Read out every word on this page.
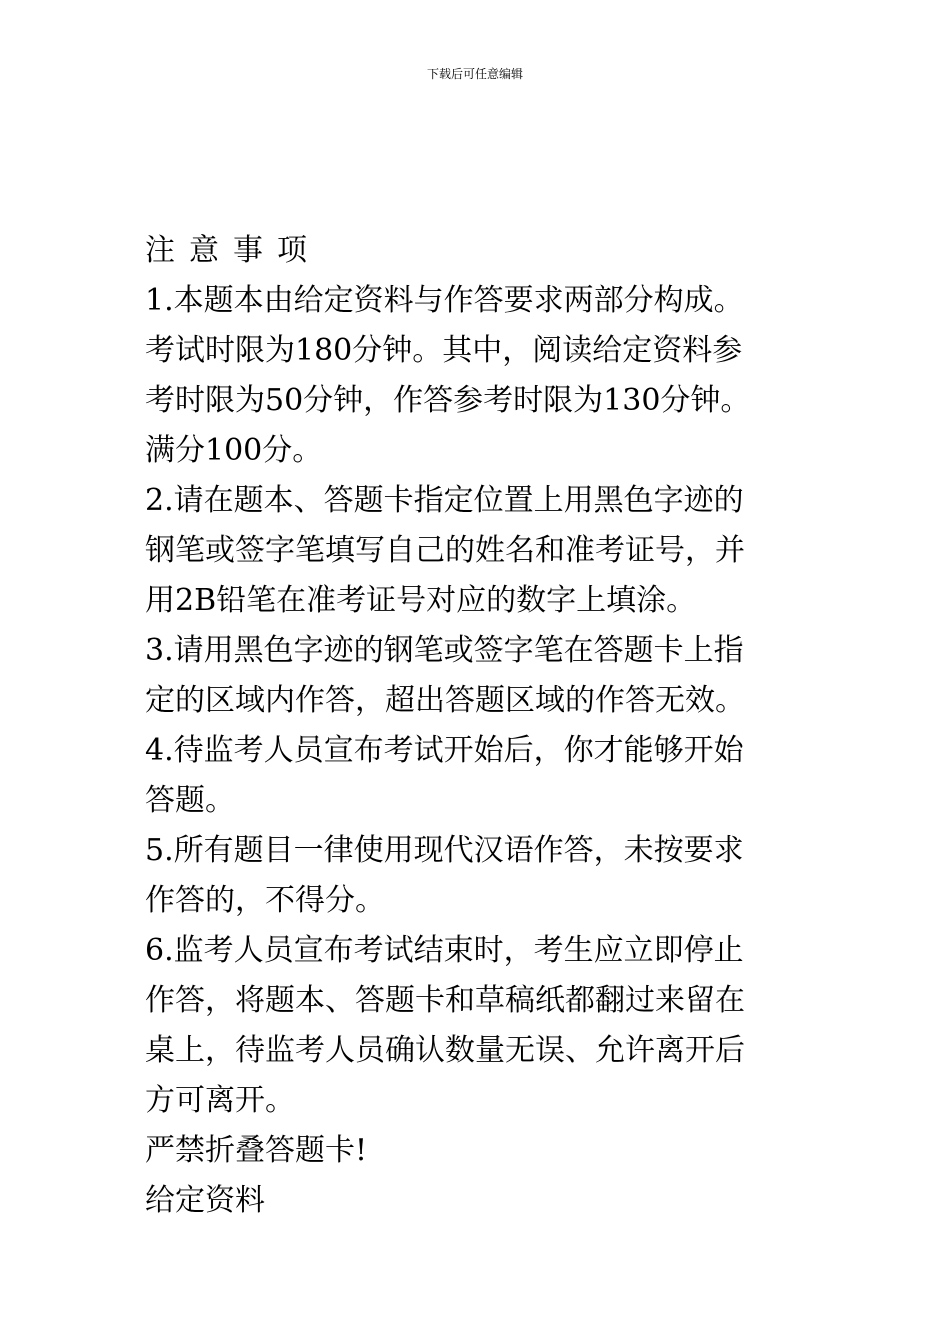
下载后可任意编辑
注意事项
1.本题本由给定资料与作答要求两部分构成。
考试时限为180分钟。其中，阅读给定资料参
考时限为50分钟，作答参考时限为130分钟。
满分100分。
2.请在题本、答题卡指定位置上用黑色字迹的
钢笔或签字笔填写自己的姓名和准考证号，并
用2B铅笔在准考证号对应的数字上填涂。
3.请用黑色字迹的钢笔或签字笔在答题卡上指
定的区域内作答，超出答题区域的作答无效。
4.待监考人员宣布考试开始后，你才能够开始
答题。
5.所有题目一律使用现代汉语作答，未按要求
作答的，不得分。
6.监考人员宣布考试结束时，考生应立即停止
作答，将题本、答题卡和草稿纸都翻过来留在
桌上，待监考人员确认数量无误、允许离开后
方可离开。
严禁折叠答题卡!
给定资料
